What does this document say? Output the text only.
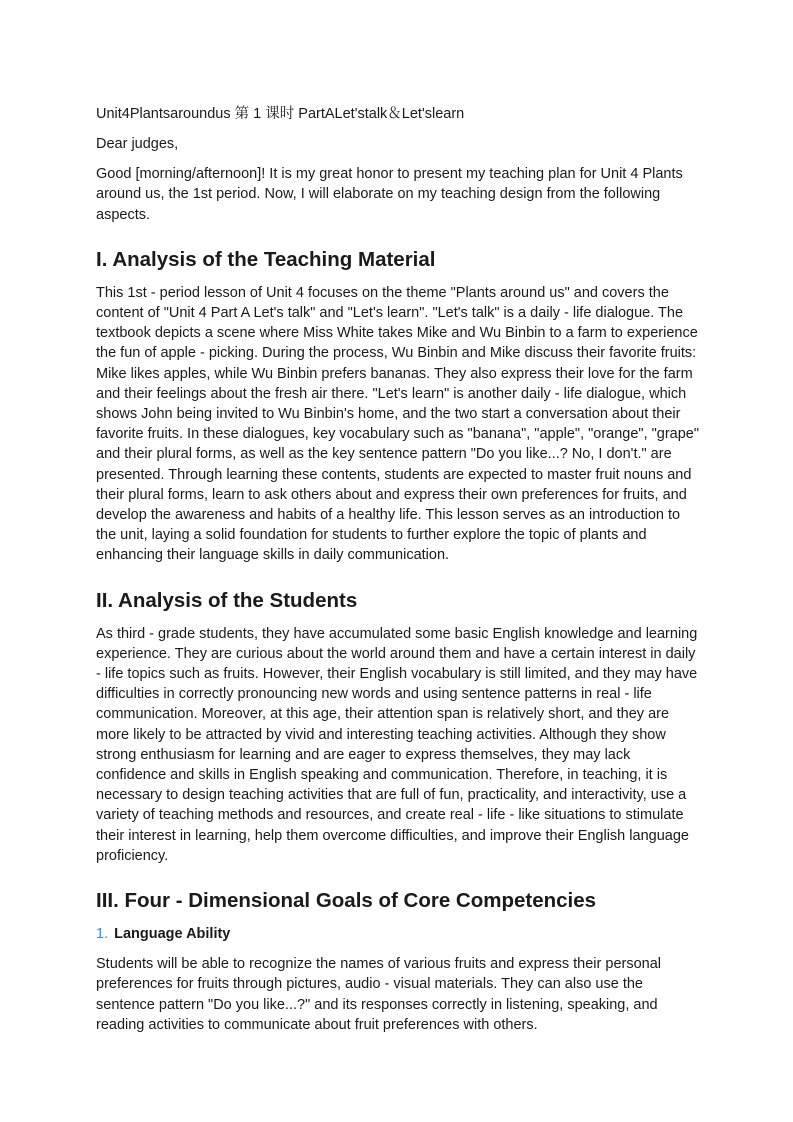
Unit4Plantsaroundus 第 1 课时 PartALet'stalk＆Let'slearn

Dear judges,

Good [morning/afternoon]! It is my great honor to present my teaching plan for Unit 4 Plants around us, the 1st period. Now, I will elaborate on my teaching design from the following aspects.

I. Analysis of the Teaching Material

This 1st - period lesson of Unit 4 focuses on the theme "Plants around us" and covers the content of "Unit 4 Part A Let's talk" and "Let's learn". "Let's talk" is a daily - life dialogue. The textbook depicts a scene where Miss White takes Mike and Wu Binbin to a farm to experience the fun of apple - picking. During the process, Wu Binbin and Mike discuss their favorite fruits: Mike likes apples, while Wu Binbin prefers bananas. They also express their love for the farm and their feelings about the fresh air there. "Let's learn" is another daily - life dialogue, which shows John being invited to Wu Binbin's home, and the two start a conversation about their favorite fruits. In these dialogues, key vocabulary such as "banana", "apple", "orange", "grape" and their plural forms, as well as the key sentence pattern "Do you like...? No, I don't." are presented. Through learning these contents, students are expected to master fruit nouns and their plural forms, learn to ask others about and express their own preferences for fruits, and develop the awareness and habits of a healthy life. This lesson serves as an introduction to the unit, laying a solid foundation for students to further explore the topic of plants and enhancing their language skills in daily communication.

II. Analysis of the Students

As third - grade students, they have accumulated some basic English knowledge and learning experience. They are curious about the world around them and have a certain interest in daily - life topics such as fruits. However, their English vocabulary is still limited, and they may have difficulties in correctly pronouncing new words and using sentence patterns in real - life communication. Moreover, at this age, their attention span is relatively short, and they are more likely to be attracted by vivid and interesting teaching activities. Although they show strong enthusiasm for learning and are eager to express themselves, they may lack confidence and skills in English speaking and communication. Therefore, in teaching, it is necessary to design teaching activities that are full of fun, practicality, and interactivity, use a variety of teaching methods and resources, and create real - life - like situations to stimulate their interest in learning, help them overcome difficulties, and improve their English language proficiency.

III. Four - Dimensional Goals of Core Competencies
1. Language Ability

Students will be able to recognize the names of various fruits and express their personal preferences for fruits through pictures, audio - visual materials. They can also use the sentence pattern "Do you like...?" and its responses correctly in listening, speaking, and reading activities to communicate about fruit preferences with others.
